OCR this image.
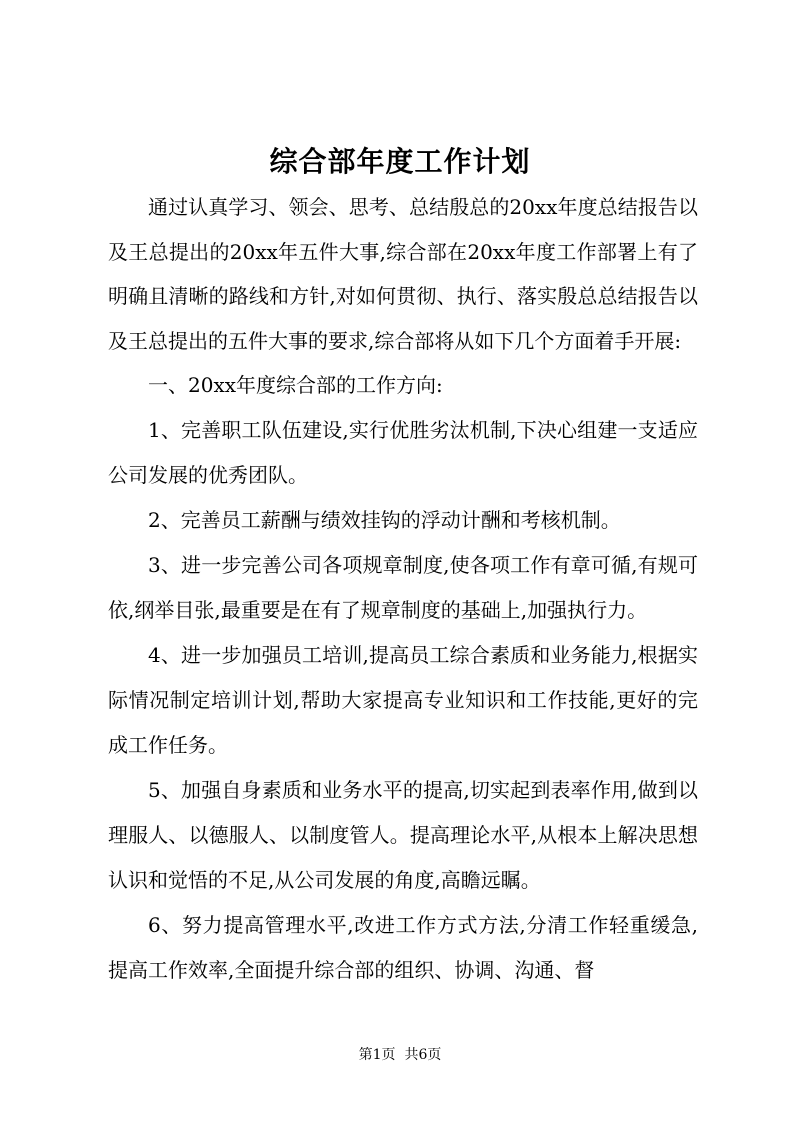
综合部年度工作计划

通过认真学习、领会、思考、总结殷总的20xx年度总结报告以及王总提出的20xx年五件大事,综合部在20xx年度工作部署上有了明确且清晰的路线和方针,对如何贯彻、执行、落实殷总总结报告以及王总提出的五件大事的要求,综合部将从如下几个方面着手开展:

一、20xx年度综合部的工作方向:

1、完善职工队伍建设,实行优胜劣汰机制,下决心组建一支适应公司发展的优秀团队。

2、完善员工薪酬与绩效挂钩的浮动计酬和考核机制。

3、进一步完善公司各项规章制度,使各项工作有章可循,有规可依,纲举目张,最重要是在有了规章制度的基础上,加强执行力。

4、进一步加强员工培训,提高员工综合素质和业务能力,根据实际情况制定培训计划,帮助大家提高专业知识和工作技能,更好的完成工作任务。

5、加强自身素质和业务水平的提高,切实起到表率作用,做到以理服人、以德服人、以制度管人。提高理论水平,从根本上解决思想认识和觉悟的不足,从公司发展的角度,高瞻远瞩。

6、努力提高管理水平,改进工作方式方法,分清工作轻重缓急,提高工作效率,全面提升综合部的组织、协调、沟通、督

第1页  共6页
